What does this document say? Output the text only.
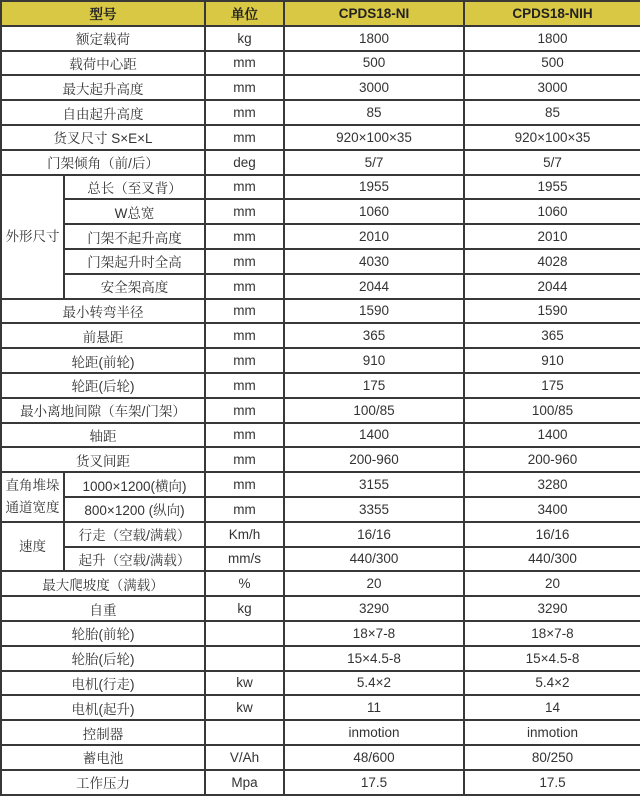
型号		单位	CPDS18-NI	CPDS18-NIH
额定载荷		kg	1800	1800
载荷中心距		mm	500	500
最大起升高度		mm	3000	3000
自由起升高度		mm	85	85
货叉尺寸 S×E×L		mm	920×100×35	920×100×35
门架倾角（前/后）		deg	5/7	5/7
外形尺寸	总长（至叉背）	mm	1955	1955
	W总宽	mm	1060	1060
	门架不起升高度	mm	2010	2010
	门架起升时全高	mm	4030	4028
	安全架高度	mm	2044	2044
最小转弯半径		mm	1590	1590
前悬距		mm	365	365
轮距(前轮)		mm	910	910
轮距(后轮)		mm	175	175
最小离地间隙（车架/门架）		mm	100/85	100/85
轴距		mm	1400	1400
货叉间距		mm	200-960	200-960
直角堆垛通道宽度	1000×1200(横向)	mm	3155	3280
	800×1200 (纵向)	mm	3355	3400
速度	行走（空载/满载）	Km/h	16/16	16/16
	起升（空载/满载）	mm/s	440/300	440/300
最大爬坡度（满载）		%	20	20
自重		kg	3290	3290
轮胎(前轮)			18×7-8	18×7-8
轮胎(后轮)			15×4.5-8	15×4.5-8
电机(行走)		kw	5.4×2	5.4×2
电机(起升)		kw	11	14
控制器			inmotion	inmotion
蓄电池		V/Ah	48/600	80/250
工作压力		Mpa	17.5	17.5
